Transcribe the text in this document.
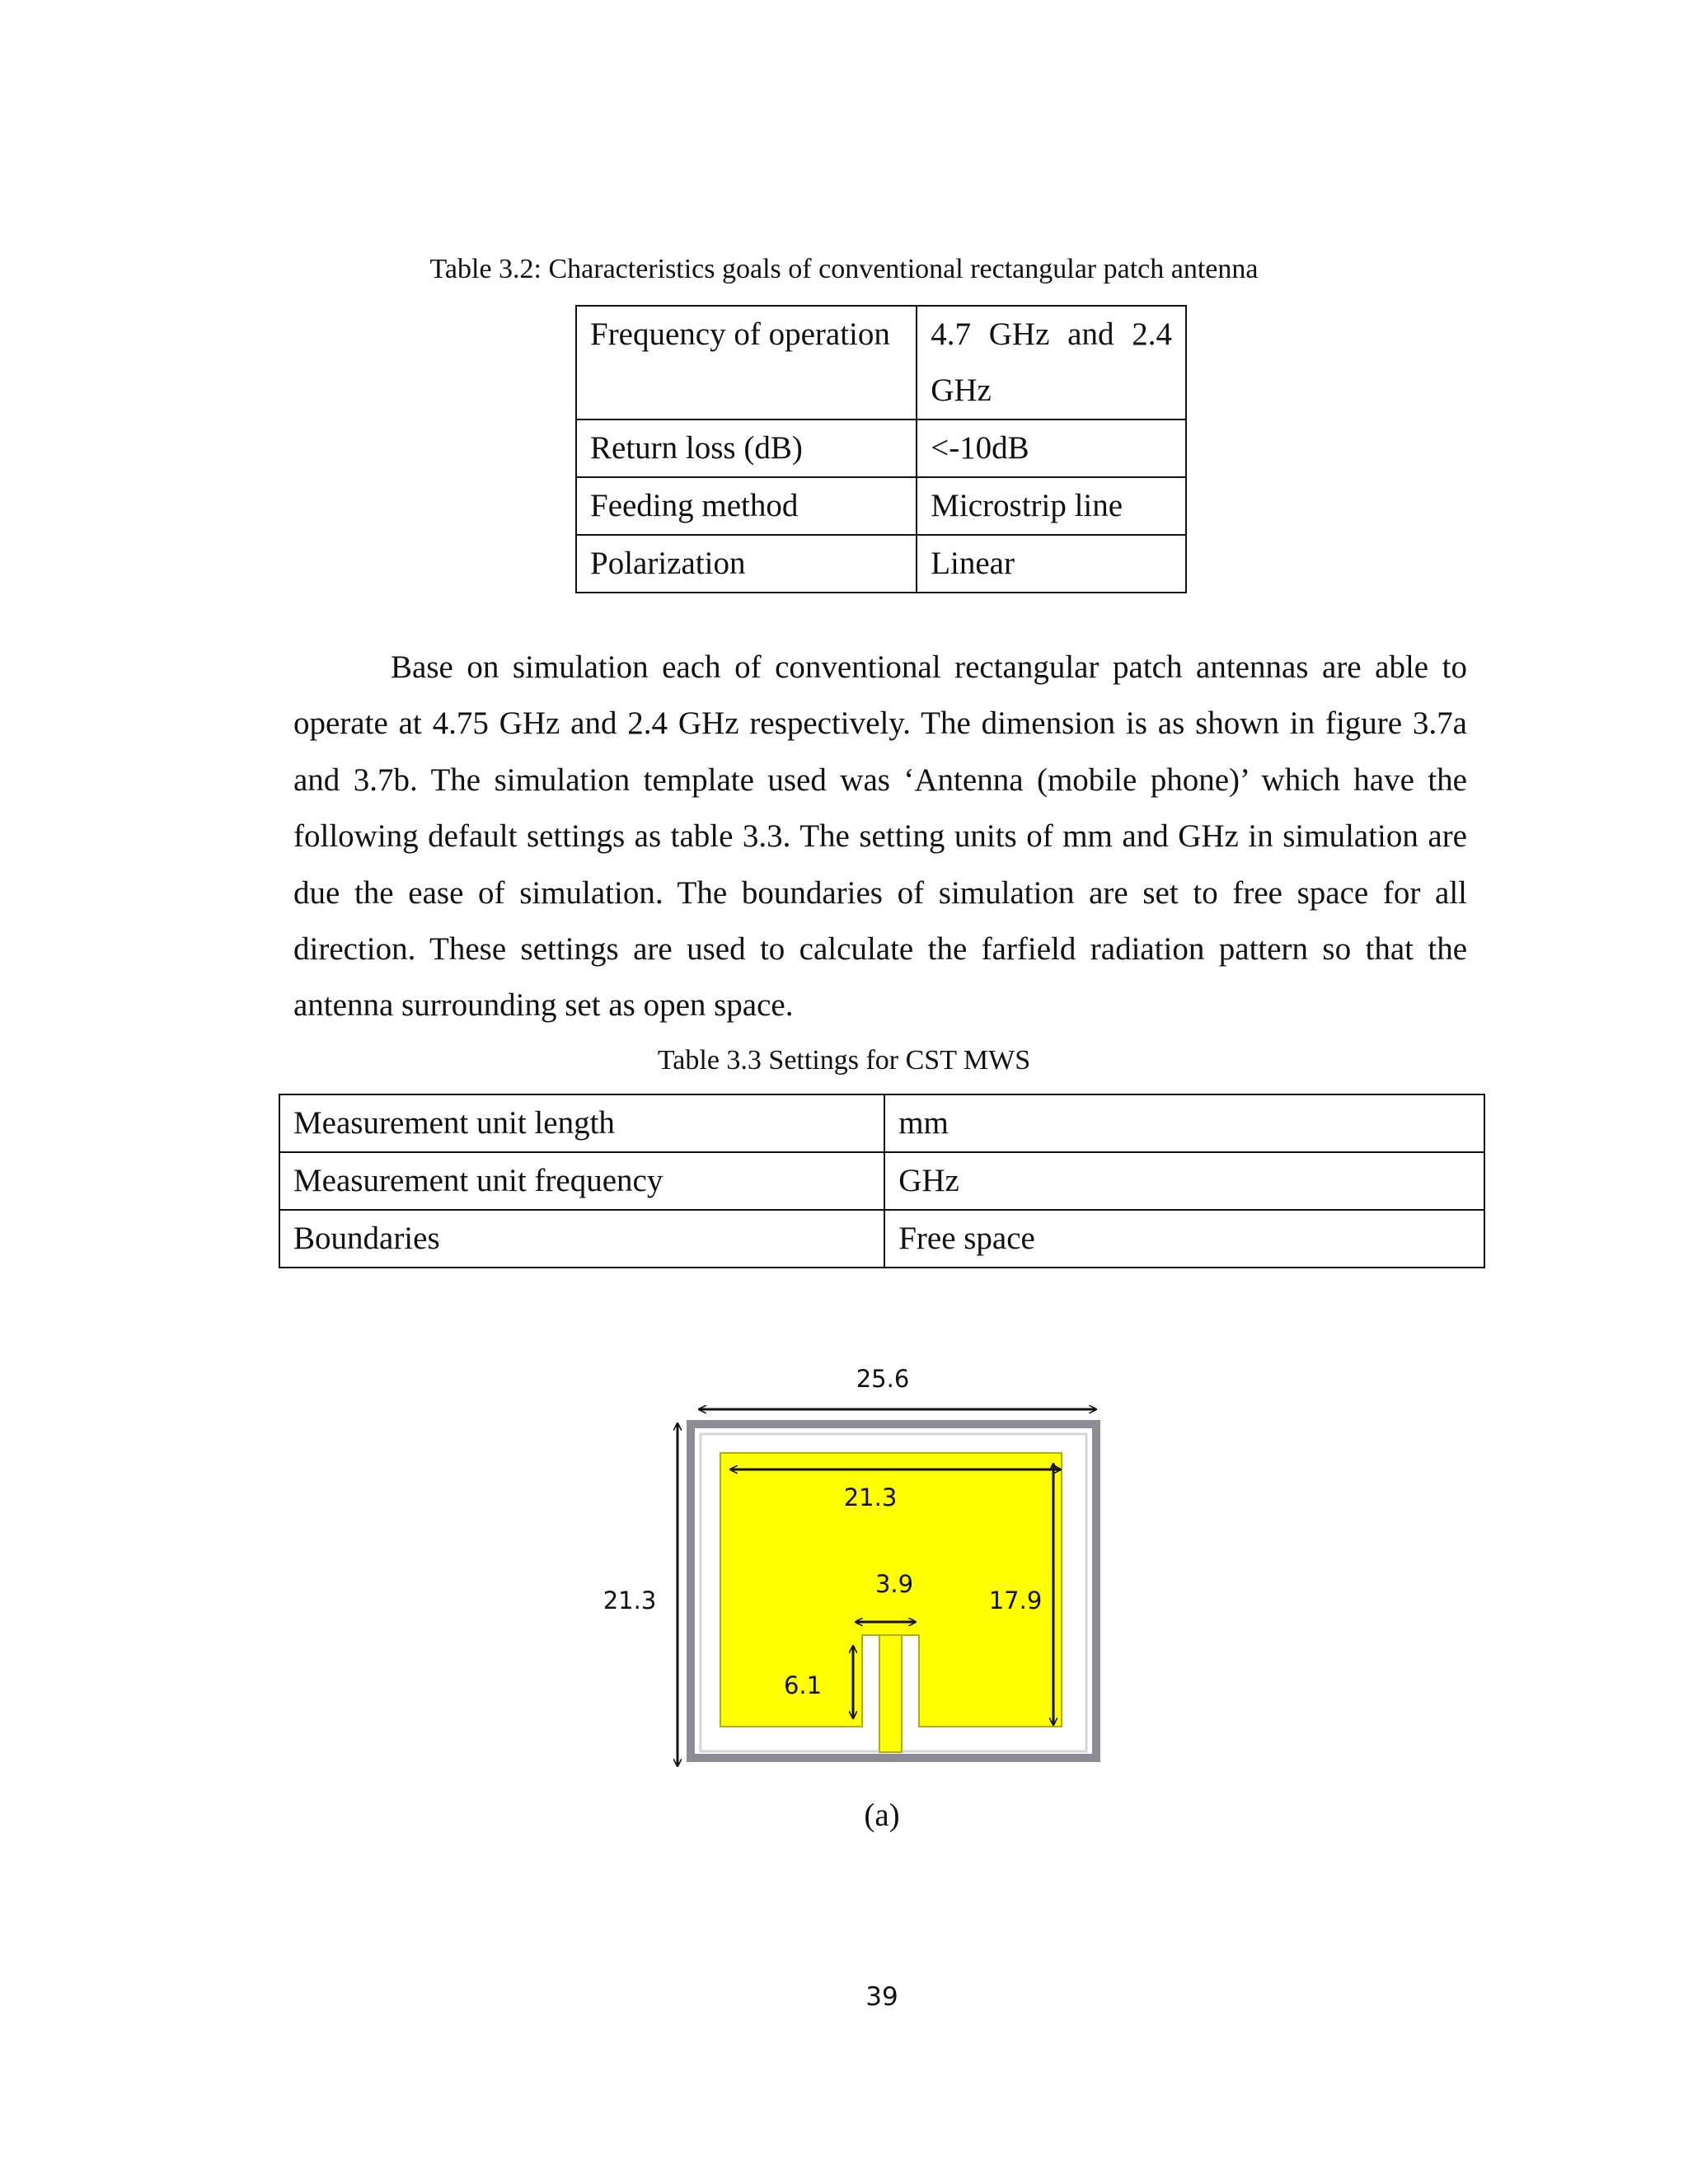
Table 3.2: Characteristics goals of conventional rectangular patch antenna
Frequency of operation	4.7 GHz and 2.4 GHz
Return loss (dB)	<-10dB
Feeding method	Microstrip line
Polarization	Linear

Base on simulation each of conventional rectangular patch antennas are able to operate at 4.75 GHz and 2.4 GHz respectively. The dimension is as shown in figure 3.7a and 3.7b. The simulation template used was ‘Antenna (mobile phone)’ which have the following default settings as table 3.3. The setting units of mm and GHz in simulation are due the ease of simulation. The boundaries of simulation are set to free space for all direction. These settings are used to calculate the farfield radiation pattern so that the antenna surrounding set as open space.

Table 3.3 Settings for CST MWS
Measurement unit length	mm
Measurement unit frequency	GHz
Boundaries	Free space
25.6
21.3
21.3
17.9
3.9
6.1
(a)
39
